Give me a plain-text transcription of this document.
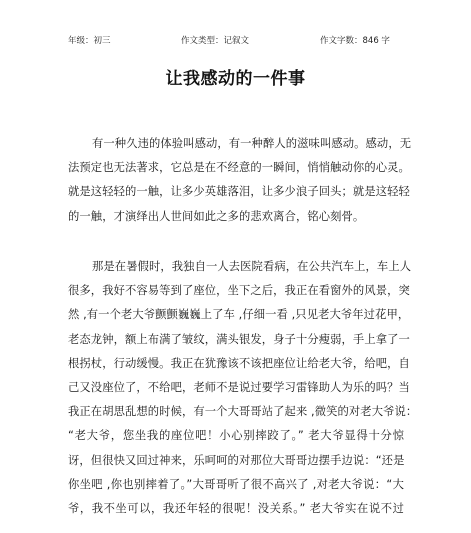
年级：初三	作文类型：记叙文	作文字数：846 字
让我感动的一件事
有一种久违的体验叫感动，有一种醉人的滋味叫感动。感动，无
法预定也无法著求，它总是在不经意的一瞬间，悄悄触动你的心灵。
就是这轻轻的一触，让多少英雄落泪，让多少浪子回头；就是这轻轻
的一触，才演绎出人世间如此之多的悲欢离合，铭心刻骨。
那是在暑假时，我独自一人去医院看病，在公共汽车上，车上人
很多，我好不容易等到了座位，坐下之后，我正在看窗外的风景，突
然 ,有一个老大爷颤颤巍巍上了车 ,仔细一看 ,只见老大爷年过花甲，
老态龙钟，额上布满了皱纹，满头银发，身子十分瘦弱，手上拿了一
根拐杖，行动缓慢。我正在犹豫该不该把座位让给老大爷，给吧，自
己又没座位了，不给吧，老师不是说过要学习雷锋助人为乐的吗？当
我正在胡思乱想的时候，有一个大哥哥站了起来 ,微笑的对老大爷说：
“老大爷，您坐我的座位吧！小心别摔跤了。” 老大爷显得十分惊
讶，但很快又回过神来，乐呵呵的对那位大哥哥边摆手边说：“还是
你坐吧 ,你也别摔着了。”大哥哥听了很不高兴了 ,对老大爷说：“大
爷，我不坐可以，我还年轻的很呢！没关系。” 老大爷实在说不过
